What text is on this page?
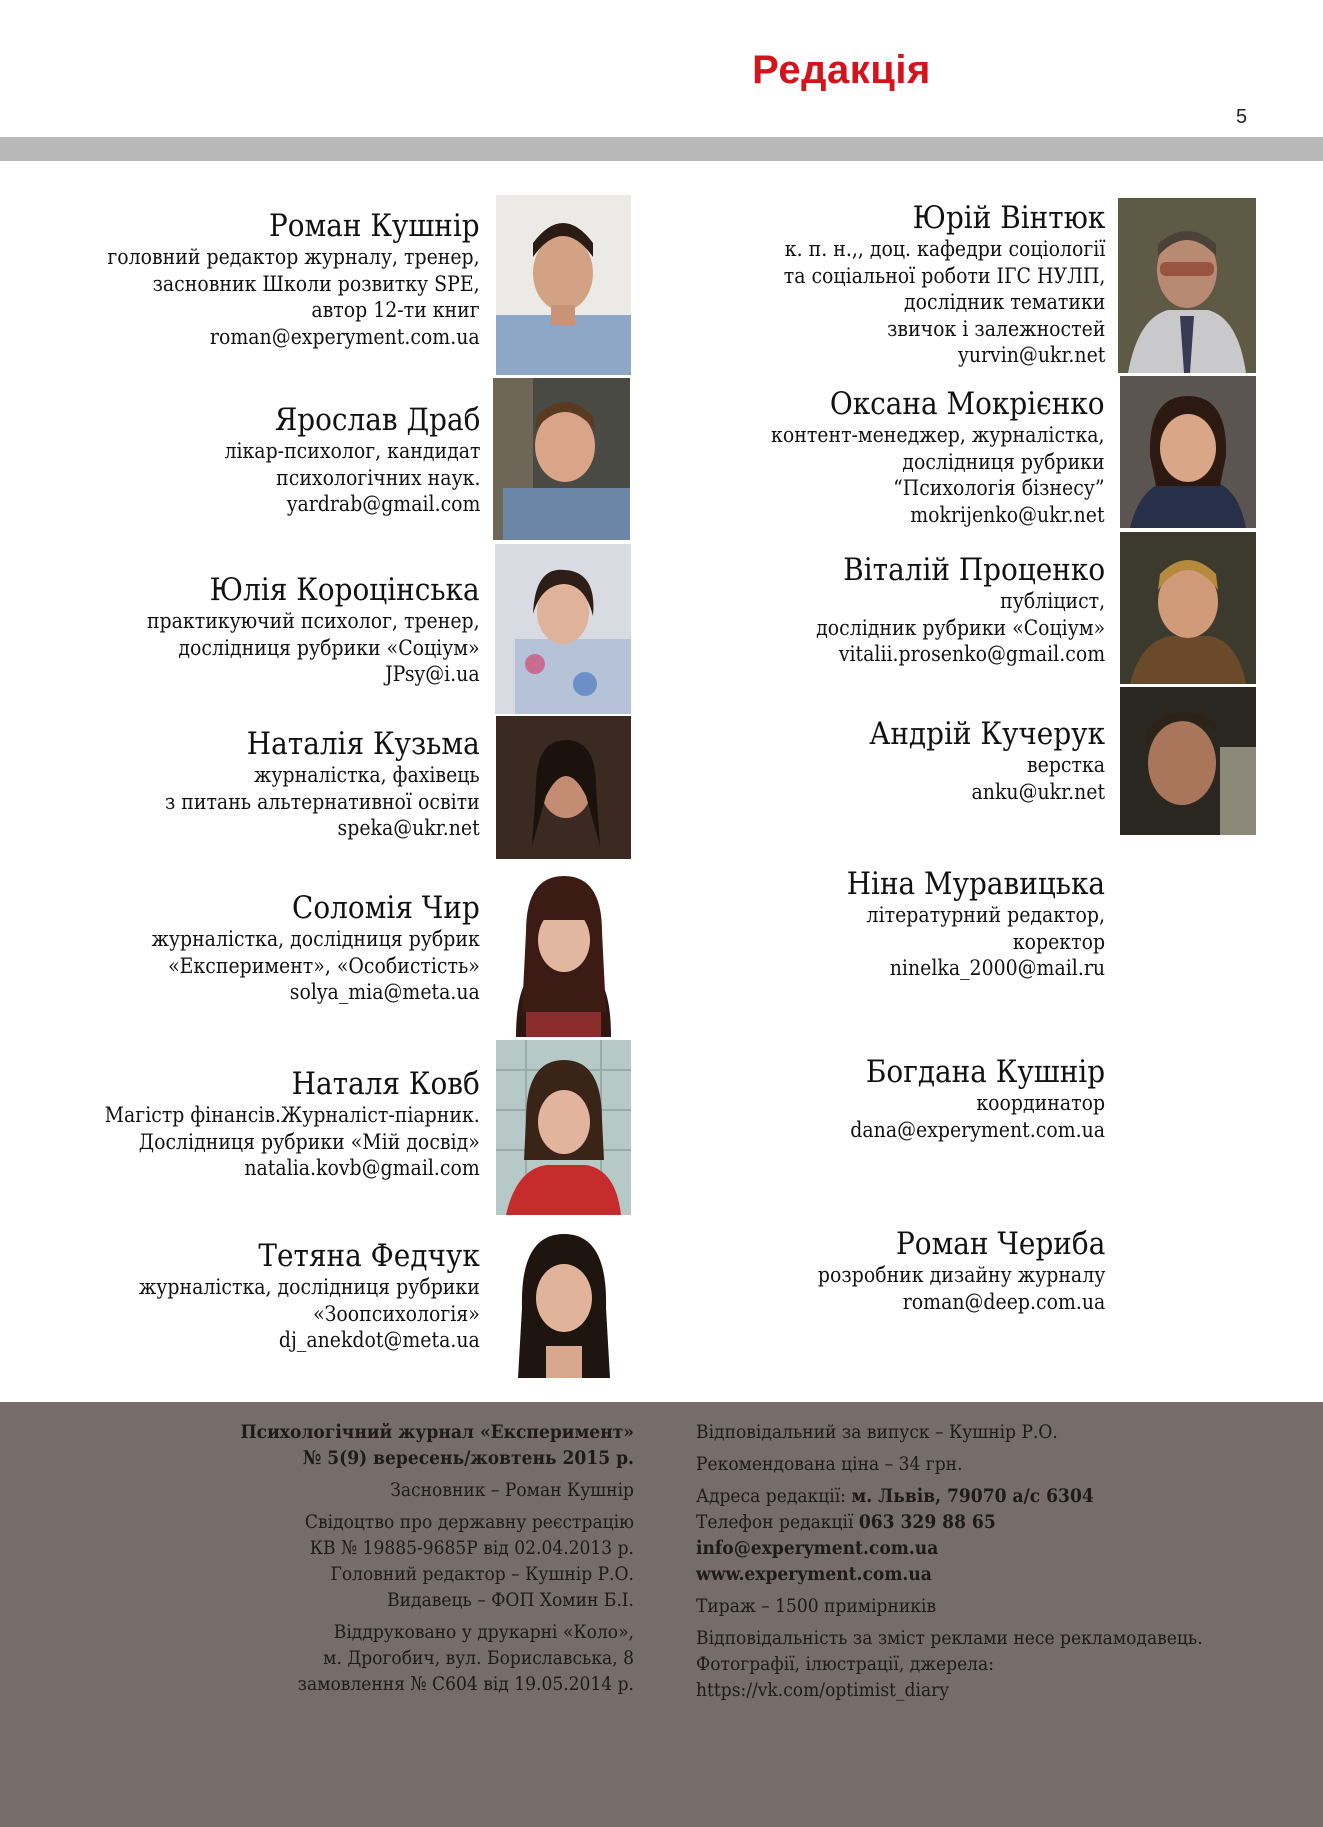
Редакція
5
Роман Кушнір
головний редактор журналу, тренер,
засновник Школи розвитку SPE,
автор 12-ти книг
roman@experyment.com.ua
Ярослав Драб
лікар-психолог, кандидат
психологічних наук.
yardrab@gmail.com
Юлія Короцінська
практикуючий психолог, тренер,
дослідниця рубрики «Соціум»
JPsy@i.ua
Наталія Кузьма
журналістка, фахівець
з питань альтернативної освіти
speka@ukr.net
Соломія Чир
журналістка, дослідниця рубрик
«Експеримент», «Особистість»
solya_mia@meta.ua
Наталя Ковб
Магістр фінансів.Журналіст-піарник.
Дослідниця рубрики «Мій досвід»
natalia.kovb@gmail.com
Тетяна Федчук
журналістка, дослідниця рубрики
«Зоопсихологія»
dj_anekdot@meta.ua
Юрій Вінтюк
к. п. н.,, доц. кафедри соціології
та соціальної роботи ІГС НУЛП,
дослідник тематики
звичок і залежностей
yurvin@ukr.net
Оксана Мокрієнко
контент-менеджер, журналістка,
дослідниця рубрики
“Психологія бізнесу”
mokrijenko@ukr.net
Віталій Проценко
публіцист,
дослідник рубрики «Соціум»
vitalii.prosenko@gmail.com
Андрій Кучерук
верстка
anku@ukr.net
Ніна Муравицька
літературний редактор,
коректор
ninelka_2000@mail.ru
Богдана Кушнір
координатор
dana@experyment.com.ua
Роман Чериба
розробник дизайну журналу
roman@deep.com.ua
Психологічний журнал «Експеримент»
№ 5(9) вересень/жовтень 2015 р.
Засновник – Роман Кушнір
Свідоцтво про державну реєстрацію
КВ № 19885-9685Р від 02.04.2013 р.
Головний редактор – Кушнір Р.О.
Видавець – ФОП Хомин Б.І.
Віддруковано у друкарні «Коло»,
м. Дрогобич, вул. Бориславська, 8
замовлення № С604 від 19.05.2014 р.
Відповідальний за випуск – Кушнір Р.О.
Рекомендована ціна – 34 грн.
Адреса редакції: м. Львів, 79070 а/с 6304
Телефон редакції 063 329 88 65
info@experyment.com.ua
www.experyment.com.ua
Тираж – 1500 примірників
Відповідальність за зміст реклами несе рекламодавець.
Фотографії, ілюстрації, джерела:
https://vk.com/optimist_diary
